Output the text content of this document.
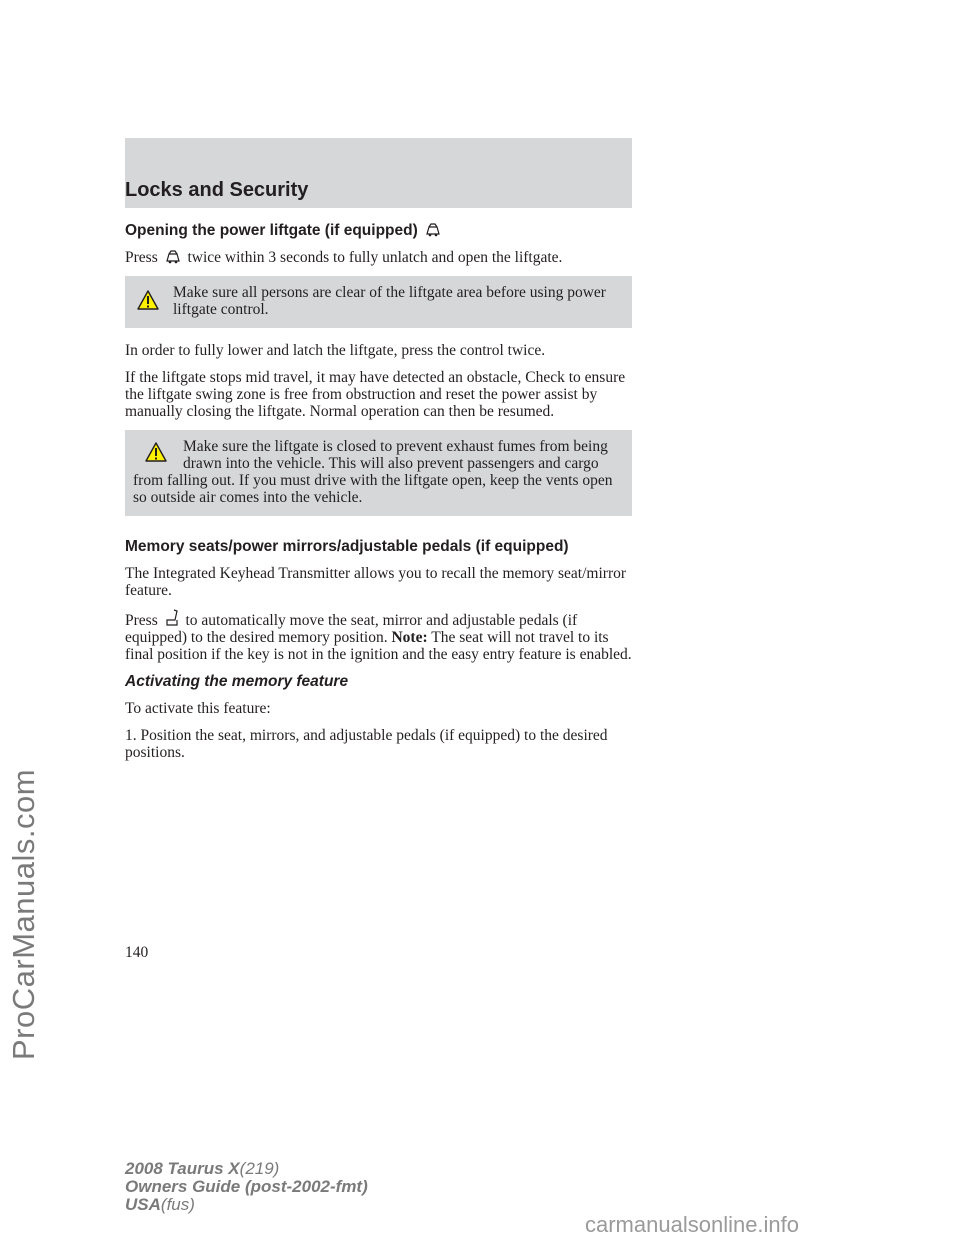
ProCarManuals.com
Locks and Security
Opening the power liftgate (if equipped)

Press twice within 3 seconds to fully unlatch and open the liftgate.

Make sure all persons are clear of the liftgate area before using power liftgate control.

In order to fully lower and latch the liftgate, press the control twice.

If the liftgate stops mid travel, it may have detected an obstacle, Check to ensure the liftgate swing zone is free from obstruction and reset the power assist by manually closing the liftgate. Normal operation can then be resumed.

Make sure the liftgate is closed to prevent exhaust fumes from being drawn into the vehicle. This will also prevent passengers and cargo from falling out. If you must drive with the liftgate open, keep the vents open so outside air comes into the vehicle.

Memory seats/power mirrors/adjustable pedals (if equipped)

The Integrated Keyhead Transmitter allows you to recall the memory seat/mirror feature.

Press to automatically move the seat, mirror and adjustable pedals (if equipped) to the desired memory position. Note: The seat will not travel to its final position if the key is not in the ignition and the easy entry feature is enabled.

Activating the memory feature

To activate this feature:

1. Position the seat, mirrors, and adjustable pedals (if equipped) to the desired positions.

140
2008 Taurus X(219)
Owners Guide (post-2002-fmt)
USA(fus)
carmanualsonline.info
